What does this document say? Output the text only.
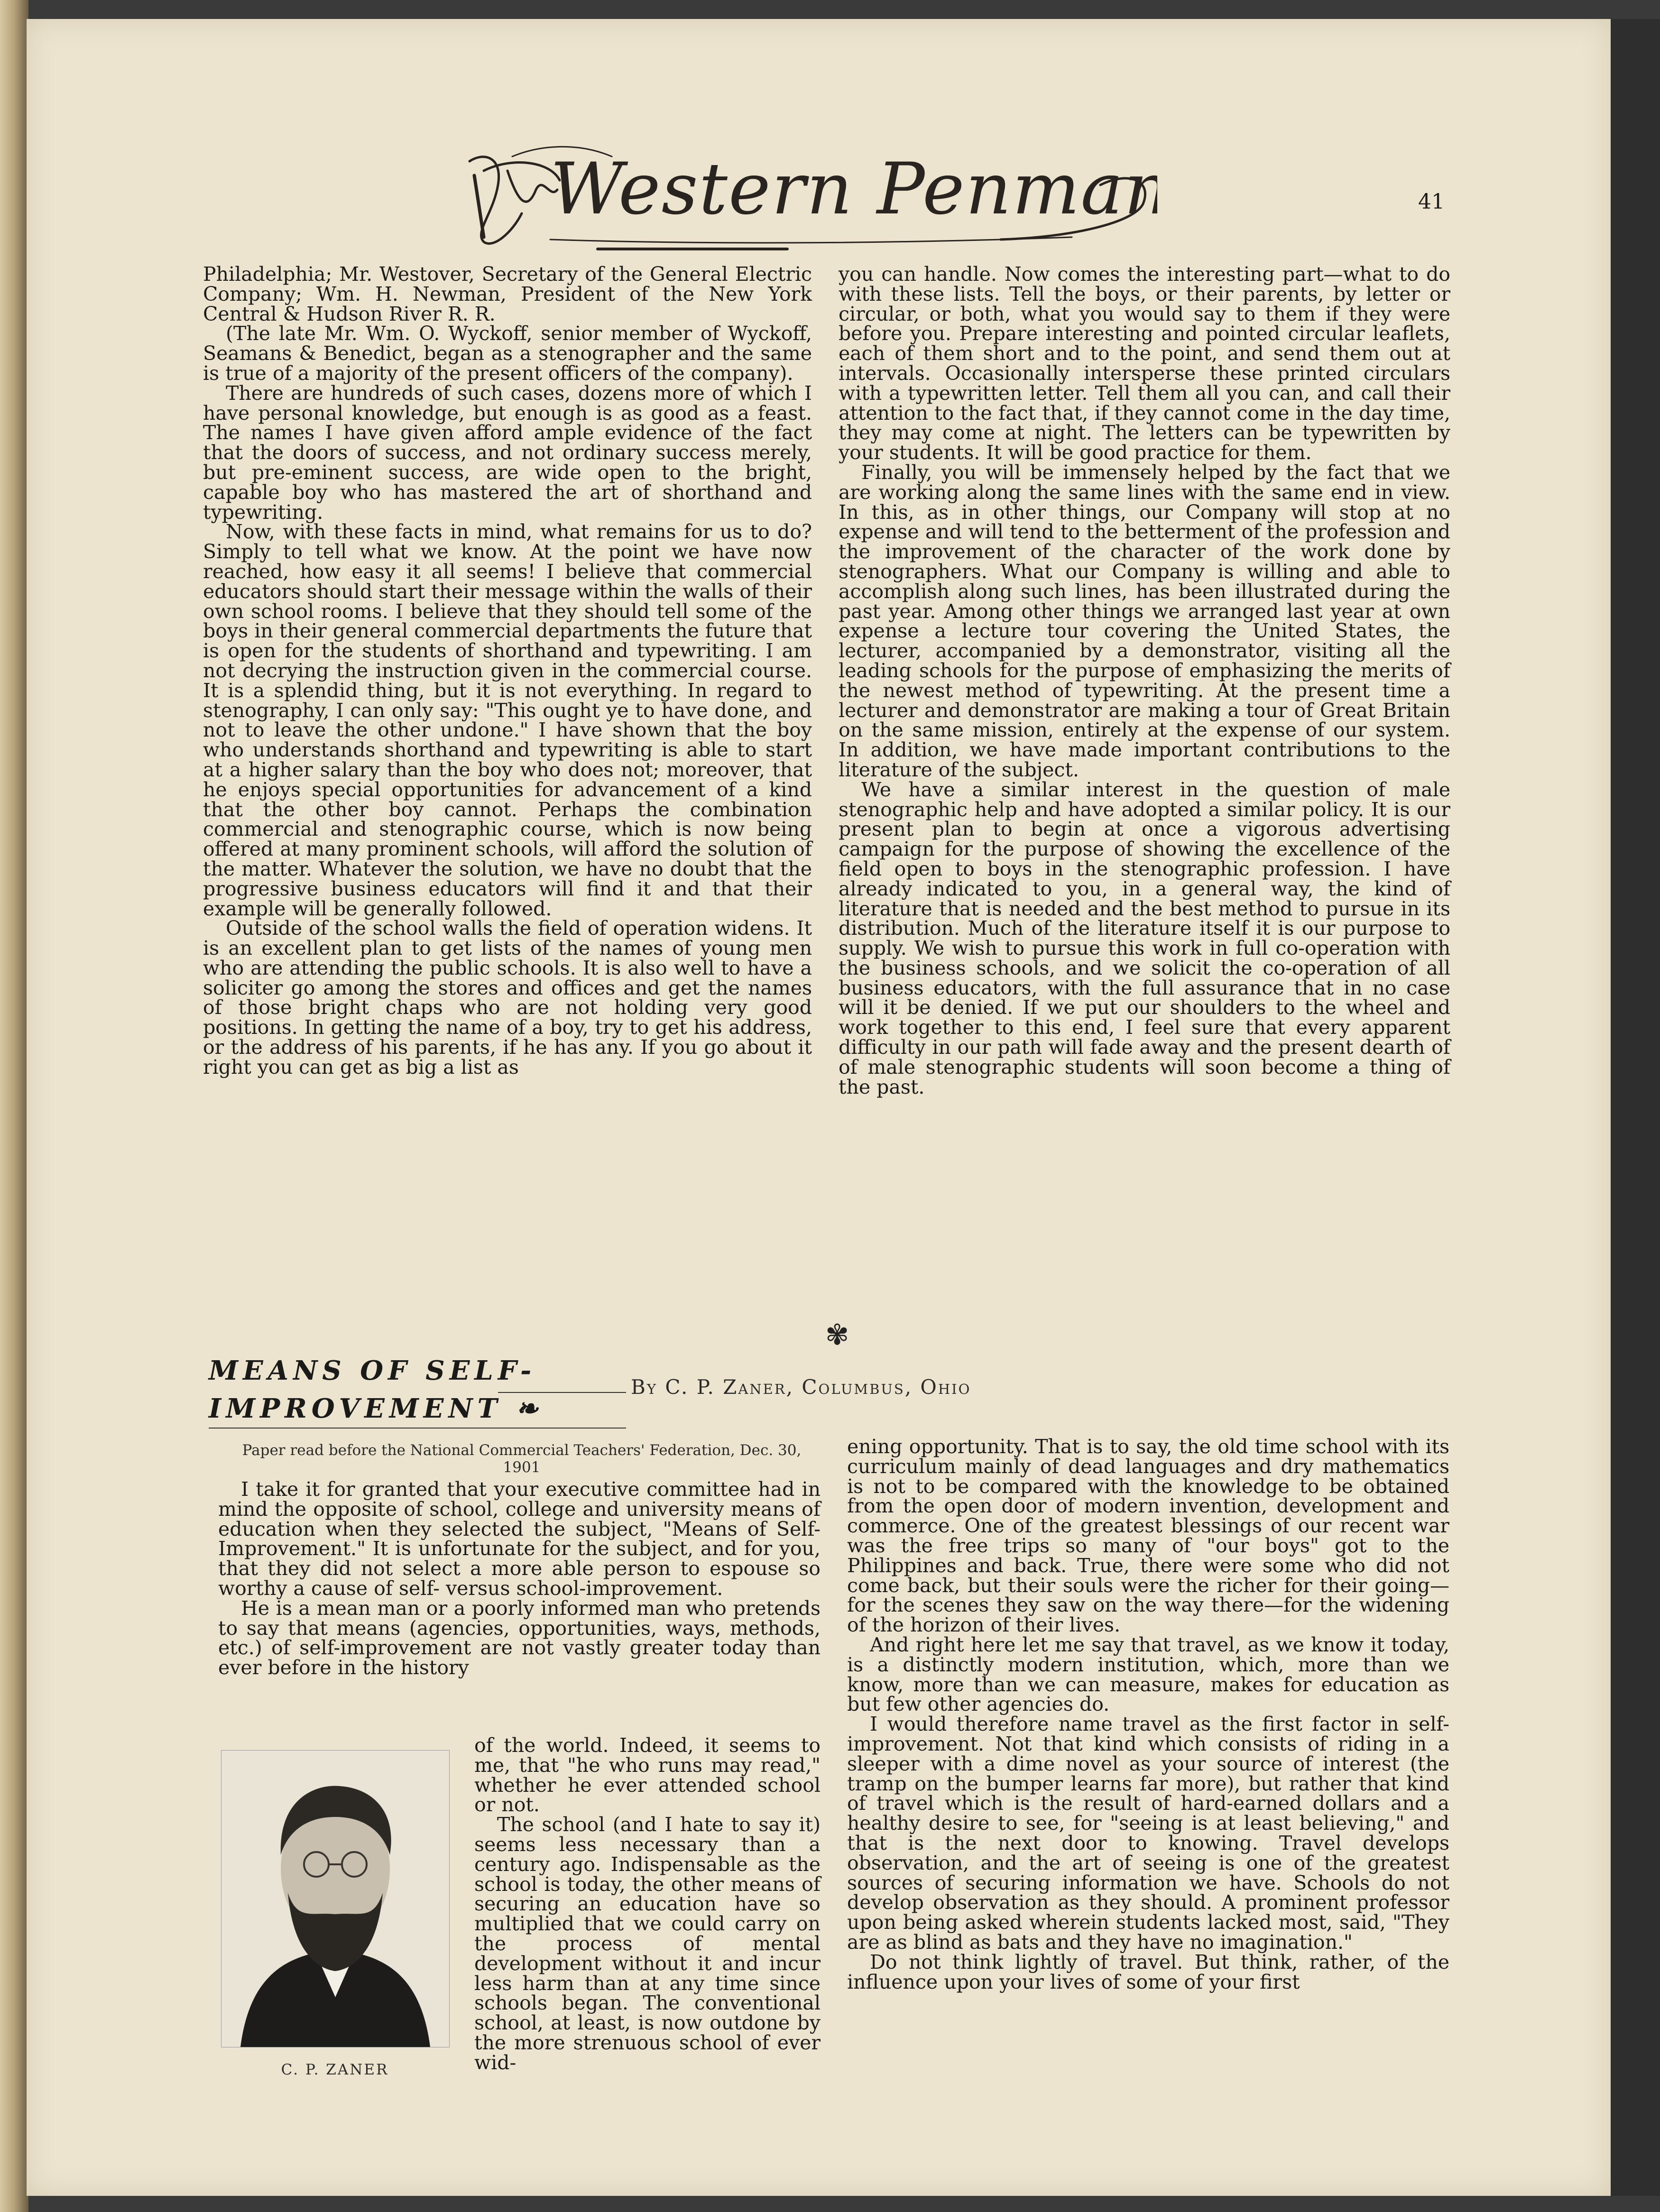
Western Penman	41

Philadelphia; Mr. Westover, Secretary of the General Electric Company; Wm. H. Newman, President of the New York Central & Hudson River R. R.

(The late Mr. Wm. O. Wyckoff, senior member of Wyckoff, Seamans & Benedict, began as a stenographer and the same is true of a majority of the present officers of the company).

There are hundreds of such cases, dozens more of which I have personal knowledge, but enough is as good as a feast. The names I have given afford ample evidence of the fact that the doors of success, and not ordinary success merely, but pre-eminent success, are wide open to the bright, capable boy who has mastered the art of shorthand and typewriting.

Now, with these facts in mind, what remains for us to do? Simply to tell what we know. At the point we have now reached, how easy it all seems! I believe that commercial educators should start their message within the walls of their own school rooms. I believe that they should tell some of the boys in their general commercial departments the future that is open for the students of shorthand and typewriting. I am not decrying the instruction given in the commercial course. It is a splendid thing, but it is not everything. In regard to stenography, I can only say: "This ought ye to have done, and not to leave the other undone." I have shown that the boy who understands shorthand and typewriting is able to start at a higher salary than the boy who does not; moreover, that he enjoys special opportunities for advancement of a kind that the other boy cannot. Perhaps the combination commercial and stenographic course, which is now being offered at many prominent schools, will afford the solution of the matter. Whatever the solution, we have no doubt that the progressive business educators will find it and that their example will be generally followed.

Outside of the school walls the field of operation widens. It is an excellent plan to get lists of the names of young men who are attending the public schools. It is also well to have a soliciter go among the stores and offices and get the names of those bright chaps who are not holding very good positions. In getting the name of a boy, try to get his address, or the address of his parents, if he has any. If you go about it right you can get as big a list as

you can handle. Now comes the interesting part—what to do with these lists. Tell the boys, or their parents, by letter or circular, or both, what you would say to them if they were before you. Prepare interesting and pointed circular leaflets, each of them short and to the point, and send them out at intervals. Occasionally intersperse these printed circulars with a typewritten letter. Tell them all you can, and call their attention to the fact that, if they cannot come in the day time, they may come at night. The letters can be typewritten by your students. It will be good practice for them.

Finally, you will be immensely helped by the fact that we are working along the same lines with the same end in view. In this, as in other things, our Company will stop at no expense and will tend to the betterment of the profession and the improvement of the character of the work done by stenographers. What our Company is willing and able to accomplish along such lines, has been illustrated during the past year. Among other things we arranged last year at own expense a lecture tour covering the United States, the lecturer, accompanied by a demonstrator, visiting all the leading schools for the purpose of emphasizing the merits of the newest method of typewriting. At the present time a lecturer and demonstrator are making a tour of Great Britain on the same mission, entirely at the expense of our system. In addition, we have made important contributions to the literature of the subject.

We have a similar interest in the question of male stenographic help and have adopted a similar policy. It is our present plan to begin at once a vigorous advertising campaign for the purpose of showing the excellence of the field open to boys in the stenographic profession. I have already indicated to you, in a general way, the kind of literature that is needed and the best method to pursue in its distribution. Much of the literature itself it is our purpose to supply. We wish to pursue this work in full co-operation with the business schools, and we solicit the co-operation of all business educators, with the full assurance that in no case will it be denied. If we put our shoulders to the wheel and work together to this end, I feel sure that every apparent difficulty in our path will fade away and the present dearth of of male stenographic students will soon become a thing of the past.

✾
MEANS OF SELF-
IMPROVEMENT ❧
By C. P. Zaner, Columbus, Ohio
Paper read before the National Commercial Teachers' Federation, Dec. 30, 1901

I take it for granted that your executive committee had in mind the opposite of school, college and university means of education when they selected the subject, "Means of Self-Improvement." It is unfortunate for the subject, and for you, that they did not select a more able person to espouse so worthy a cause of self- versus school-improvement.

He is a mean man or a poorly informed man who pretends to say that means (agencies, opportunities, ways, methods, etc.) of self-improvement are not vastly greater today than ever before in the history

C. P. ZANER

of the world. Indeed, it seems to me, that "he who runs may read," whether he ever attended school or not.

The school (and I hate to say it) seems less necessary than a century ago. Indispensable as the school is today, the other means of securing an education have so multiplied that we could carry on the process of mental development without it and incur less harm than at any time since schools began. The conventional school, at least, is now outdone by the more strenuous school of ever wid-

ening opportunity. That is to say, the old time school with its curriculum mainly of dead languages and dry mathematics is not to be compared with the knowledge to be obtained from the open door of modern invention, development and commerce. One of the greatest blessings of our recent war was the free trips so many of "our boys" got to the Philippines and back. True, there were some who did not come back, but their souls were the richer for their going—for the scenes they saw on the way there—for the widening of the horizon of their lives.

And right here let me say that travel, as we know it today, is a distinctly modern institution, which, more than we know, more than we can measure, makes for education as but few other agencies do.

I would therefore name travel as the first factor in self-improvement. Not that kind which consists of riding in a sleeper with a dime novel as your source of interest (the tramp on the bumper learns far more), but rather that kind of travel which is the result of hard-earned dollars and a healthy desire to see, for "seeing is at least believing," and that is the next door to knowing. Travel develops observation, and the art of seeing is one of the greatest sources of securing information we have. Schools do not develop observation as they should. A prominent professor upon being asked wherein students lacked most, said, "They are as blind as bats and they have no imagination."

Do not think lightly of travel. But think, rather, of the influence upon your lives of some of your first
